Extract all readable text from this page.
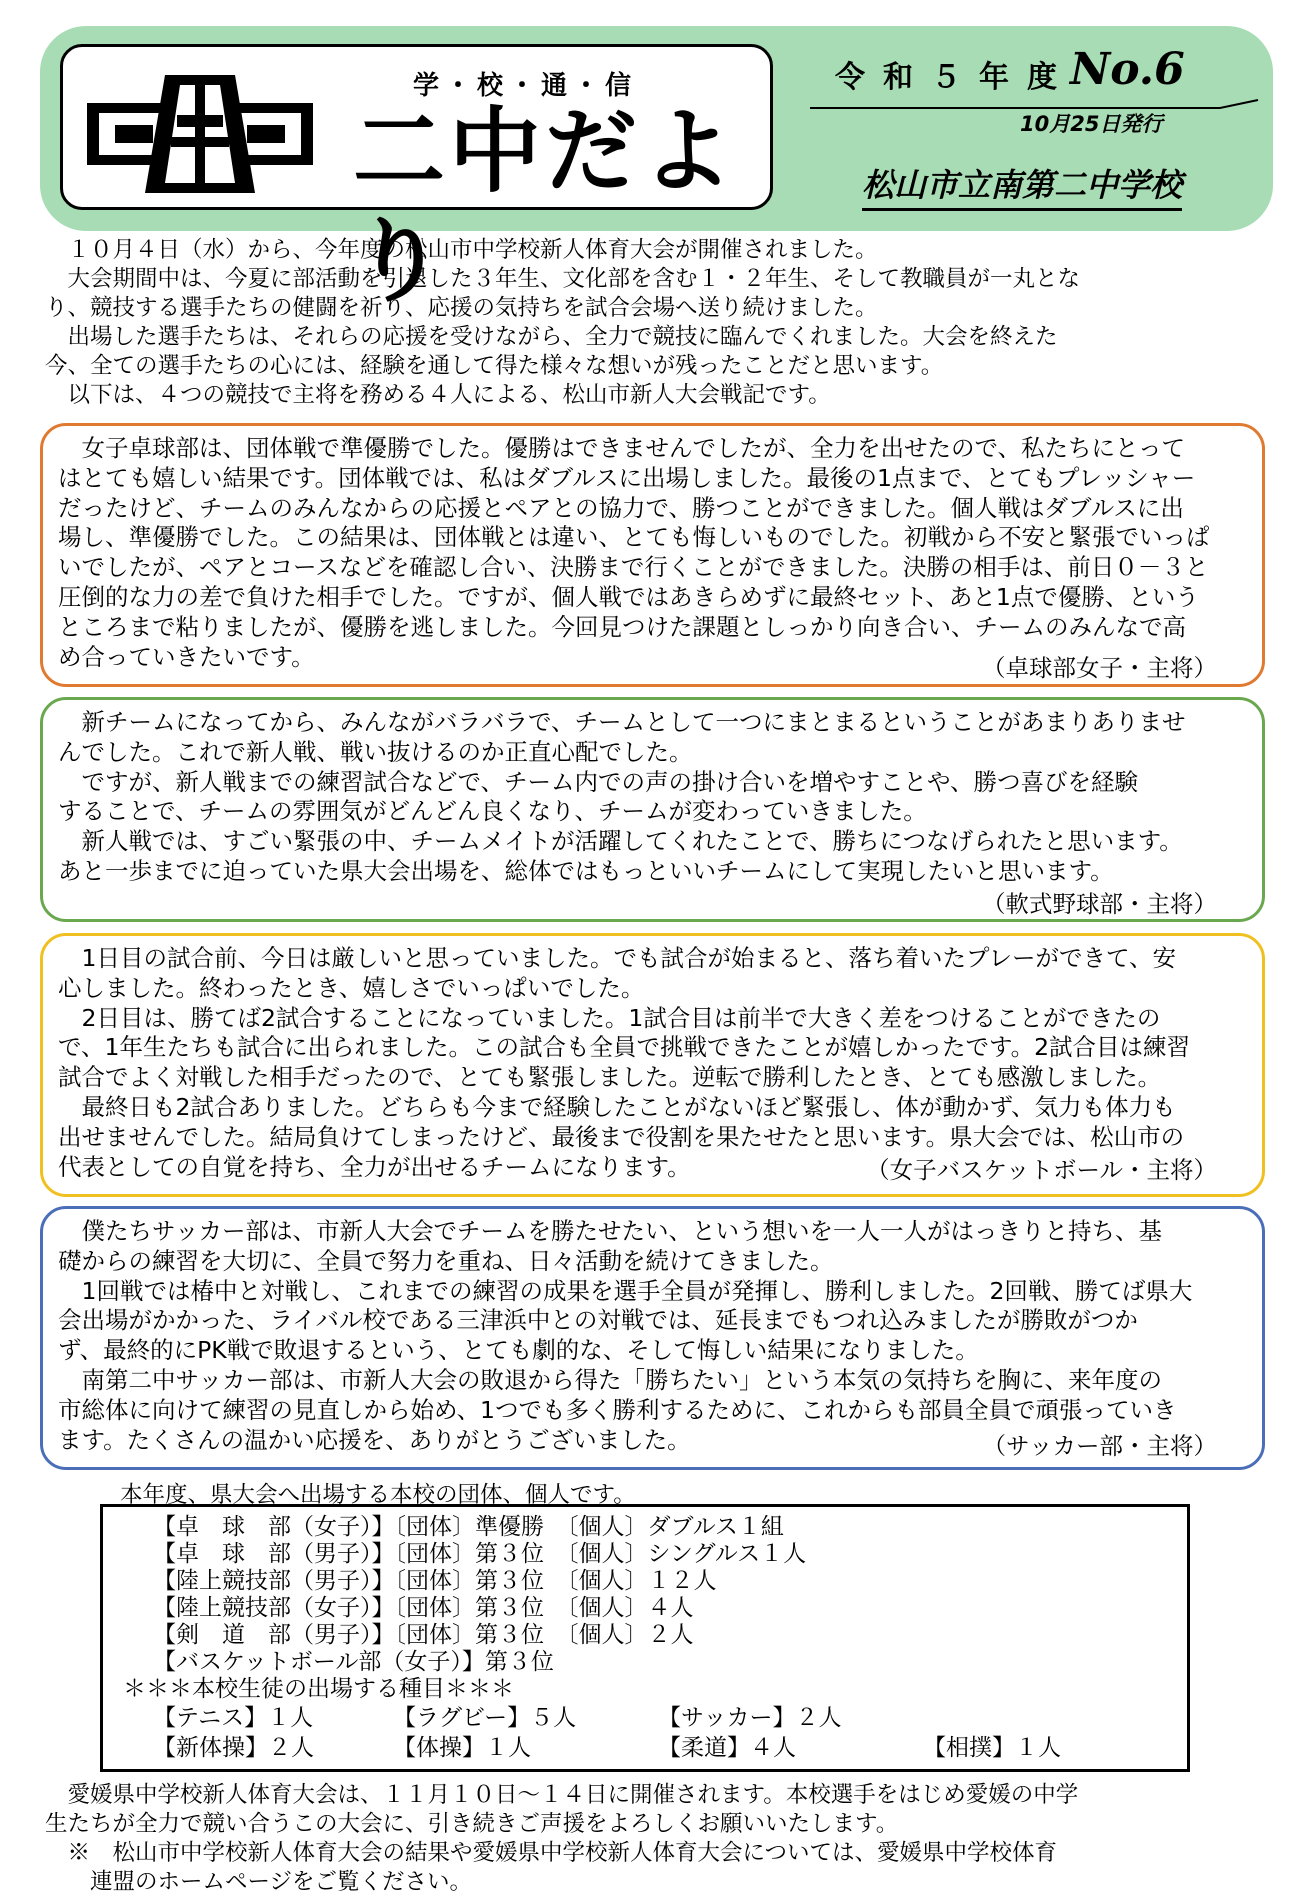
学・校・通・信
二中だより
令和５年度
No.6
10月25日発行
松山市立南第二中学校
　１０月４日（水）から、今年度の松山市中学校新人体育大会が開催されました。
　大会期間中は、今夏に部活動を引退した３年生、文化部を含む１・２年生、そして教職員が一丸とな
り、競技する選手たちの健闘を祈り、応援の気持ちを試合会場へ送り続けました。
　出場した選手たちは、それらの応援を受けながら、全力で競技に臨んでくれました。大会を終えた
今、全ての選手たちの心には、経験を通して得た様々な想いが残ったことだと思います。
　以下は、４つの競技で主将を務める４人による、松山市新人大会戦記です。
　女子卓球部は、団体戦で準優勝でした。優勝はできませんでしたが、全力を出せたので、私たちにとって
はとても嬉しい結果です。団体戦では、私はダブルスに出場しました。最後の1点まで、とてもプレッシャー
だったけど、チームのみんなからの応援とペアとの協力で、勝つことができました。個人戦はダブルスに出
場し、準優勝でした。この結果は、団体戦とは違い、とても悔しいものでした。初戦から不安と緊張でいっぱ
いでしたが、ペアとコースなどを確認し合い、決勝まで行くことができました。決勝の相手は、前日０－３と
圧倒的な力の差で負けた相手でした。ですが、個人戦ではあきらめずに最終セット、あと1点で優勝、という
ところまで粘りましたが、優勝を逃しました。今回見つけた課題としっかり向き合い、チームのみんなで高
め合っていきたいです。	（卓球部女子・主将）
　新チームになってから、みんながバラバラで、チームとして一つにまとまるということがあまりありませ
んでした。これで新人戦、戦い抜けるのか正直心配でした。
　ですが、新人戦までの練習試合などで、チーム内での声の掛け合いを増やすことや、勝つ喜びを経験
することで、チームの雰囲気がどんどん良くなり、チームが変わっていきました。
　新人戦では、すごい緊張の中、チームメイトが活躍してくれたことで、勝ちにつなげられたと思います。
あと一歩までに迫っていた県大会出場を、総体ではもっといいチームにして実現したいと思います。
（軟式野球部・主将）
　1日目の試合前、今日は厳しいと思っていました。でも試合が始まると、落ち着いたプレーができて、安
心しました。終わったとき、嬉しさでいっぱいでした。
　2日目は、勝てば2試合することになっていました。1試合目は前半で大きく差をつけることができたの
で、1年生たちも試合に出られました。この試合も全員で挑戦できたことが嬉しかったです。2試合目は練習
試合でよく対戦した相手だったので、とても緊張しました。逆転で勝利したとき、とても感激しました。
　最終日も2試合ありました。どちらも今まで経験したことがないほど緊張し、体が動かず、気力も体力も
出せませんでした。結局負けてしまったけど、最後まで役割を果たせたと思います。県大会では、松山市の
代表としての自覚を持ち、全力が出せるチームになります。	（女子バスケットボール・主将）
　僕たちサッカー部は、市新人大会でチームを勝たせたい、という想いを一人一人がはっきりと持ち、基
礎からの練習を大切に、全員で努力を重ね、日々活動を続けてきました。
　1回戦では椿中と対戦し、これまでの練習の成果を選手全員が発揮し、勝利しました。2回戦、勝てば県大
会出場がかかった、ライバル校である三津浜中との対戦では、延長までもつれ込みましたが勝敗がつか
ず、最終的にPK戦で敗退するという、とても劇的な、そして悔しい結果になりました。
　南第二中サッカー部は、市新人大会の敗退から得た「勝ちたい」という本気の気持ちを胸に、来年度の
市総体に向けて練習の見直しから始め、1つでも多く勝利するために、これからも部員全員で頑張っていき
ます。たくさんの温かい応援を、ありがとうございました。	（サッカー部・主将）
本年度、県大会へ出場する本校の団体、個人です。
【卓　球　部（女子）】〔団体〕準優勝　〔個人〕ダブルス１組
【卓　球　部（男子）】〔団体〕第３位　〔個人〕シングルス１人
【陸上競技部（男子）】〔団体〕第３位　〔個人〕１２人
【陸上競技部（女子）】〔団体〕第３位　〔個人〕４人
【剣　道　部（男子）】〔団体〕第３位　〔個人〕２人
【バスケットボール部（女子）】第３位
＊＊＊本校生徒の出場する種目＊＊＊
【テニス】１人	【ラグビー】５人	【サッカー】２人
【新体操】２人	【体操】１人	【柔道】４人	【相撲】１人
　愛媛県中学校新人体育大会は、１１月１０日～１４日に開催されます。本校選手をはじめ愛媛の中学
生たちが全力で競い合うこの大会に、引き続きご声援をよろしくお願いいたします。
　※　松山市中学校新人体育大会の結果や愛媛県中学校新人体育大会については、愛媛県中学校体育
　　連盟のホームページをご覧ください。
